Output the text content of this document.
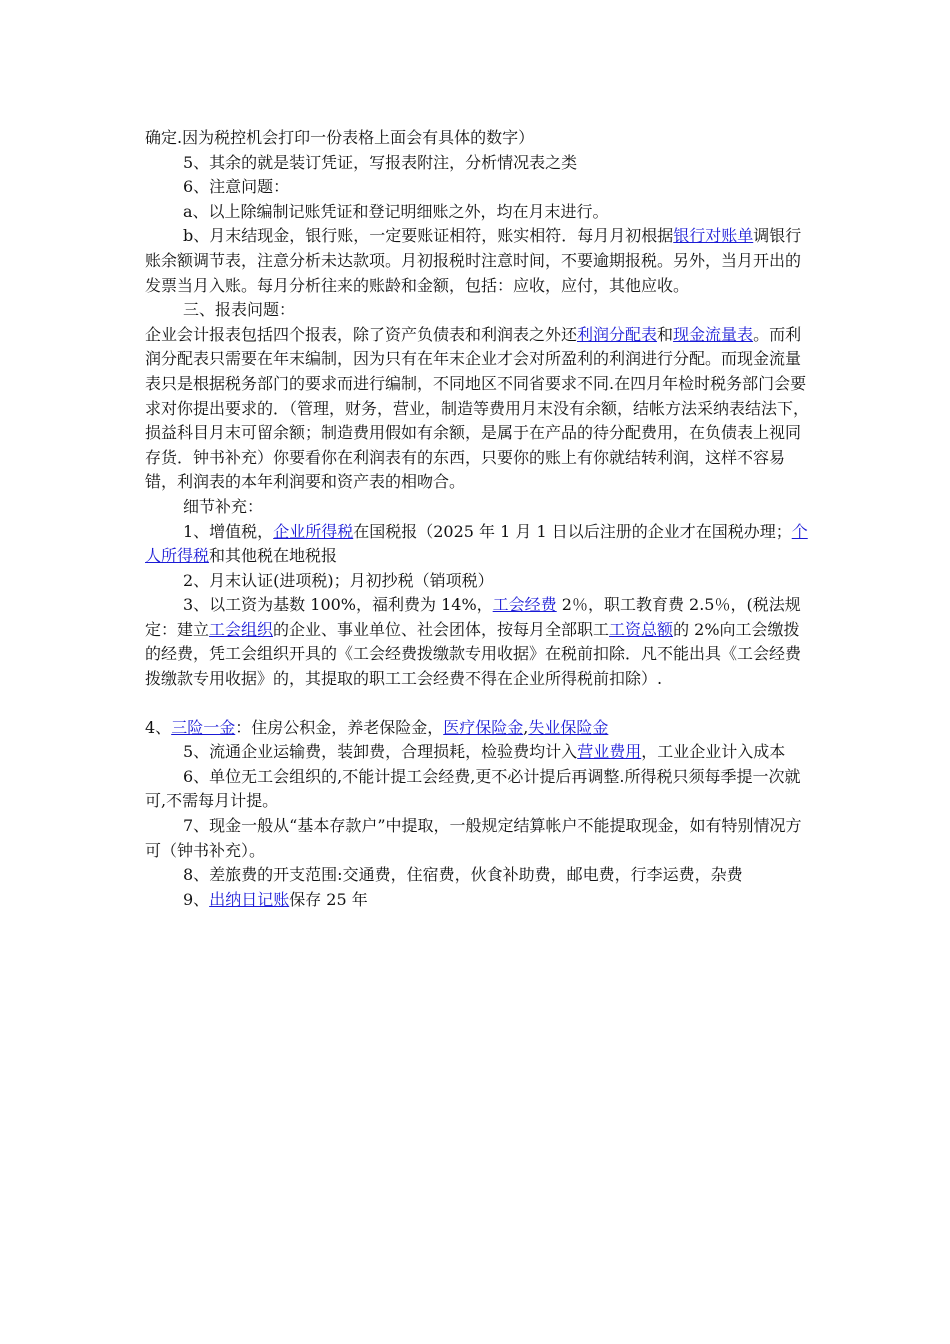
确定.因为税控机会打印一份表格上面会有具体的数字）

5、其余的就是装订凭证，写报表附注，分析情况表之类

6、注意问题：

a、以上除编制记账凭证和登记明细账之外，均在月末进行。

b、月末结现金，银行账，一定要账证相符，账实相符．每月月初根据银行对账单调银行账余额调节表，注意分析未达款项。月初报税时注意时间，不要逾期报税。另外，当月开出的发票当月入账。每月分析往来的账龄和金额，包括：应收，应付，其他应收。

三、报表问题：

企业会计报表包括四个报表，除了资产负债表和利润表之外还利润分配表和现金流量表。而利润分配表只需要在年末编制，因为只有在年末企业才会对所盈利的利润进行分配。而现金流量表只是根据税务部门的要求而进行编制，不同地区不同省要求不同.在四月年检时税务部门会要求对你提出要求的．（管理，财务，营业，制造等费用月末没有余额，结帐方法采纳表结法下，损益科目月末可留余额；制造费用假如有余额，是属于在产品的待分配费用，在负债表上视同存货．钟书补充）你要看你在利润表有的东西，只要你的账上有你就结转利润，这样不容易错，利润表的本年利润要和资产表的相吻合。

细节补充：

1、增值税，企业所得税在国税报（2025 年 1 月 1 日以后注册的企业才在国税办理；个人所得税和其他税在地税报

2、月末认证(进项税)；月初抄税（销项税）

3、以工资为基数 100%，福利费为 14%，工会经费 2％，职工教育费 2.5％，(税法规定：建立工会组织的企业、事业单位、社会团体，按每月全部职工工资总额的 2%向工会缴拨的经费，凭工会组织开具的《工会经费拨缴款专用收据》在税前扣除．凡不能出具《工会经费拨缴款专用收据》的，其提取的职工工会经费不得在企业所得税前扣除）.

4、三险一金：住房公积金，养老保险金，医疗保险金,失业保险金

5、流通企业运输费，装卸费，合理损耗，检验费均计入营业费用，工业企业计入成本

6、单位无工会组织的,不能计提工会经费,更不必计提后再调整.所得税只须每季提一次就可,不需每月计提。

7、现金一般从“基本存款户”中提取，一般规定结算帐户不能提取现金，如有特别情况方可（钟书补充）。

8、差旅费的开支范围:交通费，住宿费，伙食补助费，邮电费，行李运费，杂费

9、出纳日记账保存 25 年
